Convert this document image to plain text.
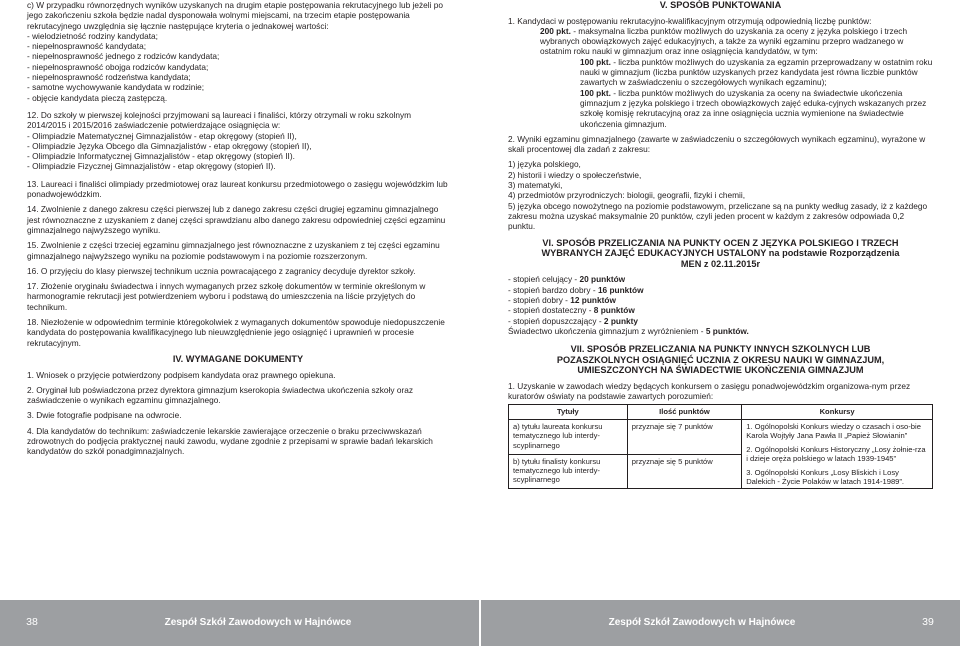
c) W przypadku równorzędnych wyników uzyskanych na drugim etapie postępowania rekrutacyjnego lub jeżeli po jego zakończeniu szkoła będzie nadal dysponowała wolnymi miejscami, na trzecim etapie postępowania rekrutacyjnego uwzględnia się łącznie następujące kryteria o jednakowej wartości:

- wielodzietność rodziny kandydata;
- niepełnosprawność kandydata;
- niepełnosprawność jednego z rodziców kandydata;
- niepełnosprawność obojga rodziców kandydata;
- niepełnosprawność rodzeństwa kandydata;
- samotne wychowywanie kandydata w rodzinie;
- objęcie kandydata pieczą zastępczą.

12. Do szkoły w pierwszej kolejności przyjmowani są laureaci i finaliści, którzy otrzymali w roku szkolnym 2014/2015 i 2015/2016 zaświadczenie potwierdzające osiągnięcia w:

- Olimpiadzie Matematycznej Gimnazjalistów - etap okręgowy (stopień II),
- Olimpiadzie Języka Obcego dla Gimnazjalistów - etap okręgowy (stopień II),
- Olimpiadzie Informatycznej Gimnazjalistów - etap okręgowy (stopień II).
- Olimpiadzie Fizycznej Gimnazjalistów - etap okręgowy (stopień II).

13. Laureaci i finaliści olimpiady przedmiotowej oraz laureat konkursu przedmiotowego o zasięgu wojewódzkim lub ponadwojewódzkim.

14. Zwolnienie z danego zakresu części pierwszej lub z danego zakresu części drugiej egzaminu gimnazjalnego jest równoznaczne z uzyskaniem z danej części sprawdzianu albo danego zakresu odpowiedniej części egzaminu gimnazjalnego najwyższego wyniku.

15. Zwolnienie z części trzeciej egzaminu gimnazjalnego jest równoznaczne z uzyskaniem z tej części egzaminu gimnazjalnego najwyższego wyniku na poziomie podstawowym i na poziomie rozszerzonym.

16. O przyjęciu do klasy pierwszej technikum ucznia powracającego z zagranicy decyduje dyrektor szkoły.

17. Złożenie oryginału świadectwa i innych wymaganych przez szkołę dokumentów w terminie określonym w harmonogramie rekrutacji jest potwierdzeniem wyboru i podstawą do umieszczenia na liście przyjętych do technikum.

18. Niezłożenie w odpowiednim terminie któregokolwiek z wymaganych dokumentów spowoduje niedopuszczenie kandydata do postępowania kwalifikacyjnego lub nieuwzględnienie jego osiągnięć i uprawnień w procesie rekrutacyjnym.

IV. WYMAGANE DOKUMENTY

1. Wniosek o przyjęcie potwierdzony podpisem kandydata oraz prawnego opiekuna.

2. Oryginał lub poświadczona przez dyrektora gimnazjum kserokopia świadectwa ukończenia szkoły oraz zaświadczenie o wynikach egzaminu gimnazjalnego.

3. Dwie fotografie podpisane na odwrocie.

4. Dla kandydatów do technikum: zaświadczenie lekarskie zawierające orzeczenie o braku przeciwwskazań zdrowotnych do podjęcia praktycznej nauki zawodu, wydane zgodnie z przepisami w sprawie badań lekarskich kandydatów do szkół ponadgimnazjalnych.

V. SPOSÓB PUNKTOWANIA

1. Kandydaci w postępowaniu rekrutacyjno-kwalifikacyjnym otrzymują odpowiednią liczbę punktów:

200 pkt. - maksymalna liczba punktów możliwych do uzyskania za oceny z języka polskiego i trzech wybranych obowiązkowych zajęć edukacyjnych, a także za wyniki egzaminu przepro wadzanego w ostatnim roku nauki w gimnazjum oraz inne osiągnięcia kandydatów, w tym:

100 pkt. - liczba punktów możliwych do uzyskania za egzamin przeprowadzany w ostatnim roku nauki w gimnazjum (liczba punktów uzyskanych przez kandydata jest równa liczbie punktów zawartych w zaświadczeniu o szczegółowych wynikach egzaminu);

100 pkt. - liczba punktów możliwych do uzyskania za oceny na świadectwie ukończenia gimnazjum z języka polskiego i trzech obowiązkowych zajęć eduka-cyjnych wskazanych przez szkołę komisję rekrutacyjną oraz za inne osiągnięcia ucznia wymienione na świadectwie ukończenia gimnazjum.

2. Wyniki egzaminu gimnazjalnego (zawarte w zaświadczeniu o szczegółowych wynikach egzaminu), wyrażone w skali procentowej dla zadań z zakresu:

1) języka polskiego,
2) historii i wiedzy o społeczeństwie,
3) matematyki,
4) przedmiotów przyrodniczych: biologii, geografii, fizyki i chemii,
5) języka obcego nowożytnego na poziomie podstawowym, przeliczane są na punkty według zasady, iż z każdego zakresu można uzyskać maksymalnie 20 punktów, czyli jeden procent w każdym z zakresów odpowiada 0,2 punktu.
VI. SPOSÓB PRZELICZANIA NA PUNKTY OCEN Z JĘZYKA POLSKIEGO I TRZECH WYBRANYCH ZAJĘĆ EDUKACYJNYCH USTALONY na podstawie Rozporządzenia MEN z 02.11.2015r
- stopień celujący - 20 punktów
- stopień bardzo dobry - 16 punktów
- stopień dobry - 12 punktów
- stopień dostateczny - 8 punktów
- stopień dopuszczający - 2 punkty
Świadectwo ukończenia gimnazjum z wyróżnieniem - 5 punktów.
VII. SPOSÓB PRZELICZANIA NA PUNKTY INNYCH SZKOLNYCH LUB POZASZKOLNYCH OSIĄGNIĘĆ UCZNIA Z OKRESU NAUKI W GIMNAZJUM, UMIESZCZONYCH NA ŚWIADECTWIE UKOŃCZENIA GIMNAZJUM

1. Uzyskanie w zawodach wiedzy będących konkursem o zasięgu ponadwojewódzkim organizowa-nym przez kuratorów oświaty na podstawie zawartych porozumień:

Tytuły	Ilość punktów	Konkursy
a) tytułu laureata konkursu tematycznego lub interdy-scyplinarnego	przyznaje się 7 punktów	1. Ogólnopolski Konkurs wiedzy o czasach i oso-bie Karola Wojtyły Jana Pawła II „Papież Słowianin”
2. Ogólnopolski Konkurs Historyczny „Losy żołnie-rza i dzieje oręża polskiego w latach 1939-1945”
3. Ogólnopolski Konkurs „Losy Bliskich i Losy Dalekich - Życie Polaków w latach 1914-1989”.

b) tytułu finalisty konkursu tematycznego lub interdy-scyplinarnego	przyznaje się 5 punktów	
38	Zespół Szkół Zawodowych w Hajnówce	Zespół Szkół Zawodowych w Hajnówce	39
